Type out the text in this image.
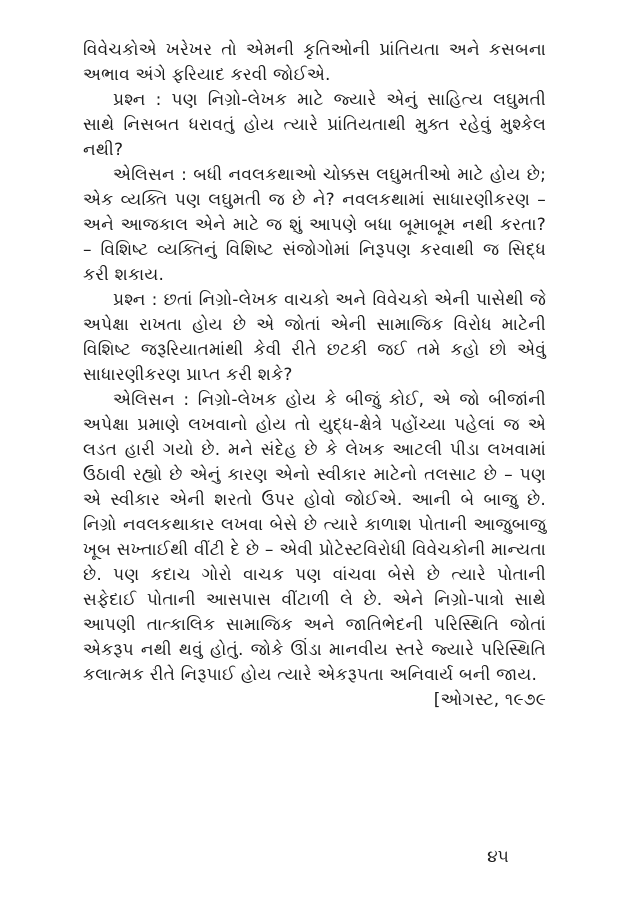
વિવેચકોએ ખરેખર તો એમની કૃતિઓની પ્રાંતિયતા અને કસબના અભાવ અંગે ફરિયાદ કરવી જોઈએ.

પ્રશ્ન : પણ નિગ્રો-લેખક માટે જ્યારે એનું સાહિત્ય લઘુમતી સાથે નિસબત ધરાવતું હોય ત્યારે પ્રાંતિયતાથી મુક્ત રહેવું મુશ્કેલ નથી?

એલિસન : બધી નવલકથાઓ ચોક્કસ લઘુમતીઓ માટે હોય છે; એક વ્યક્તિ પણ લઘુમતી જ છે ને? નવલકથામાં સાધારણીકરણ – અને આજકાલ એને માટે જ શું આપણે બધા બૂમાબૂમ નથી કરતા? – વિશિષ્ટ વ્યક્તિનું વિશિષ્ટ સંજોગોમાં નિરૂપણ કરવાથી જ સિદ્ધ કરી શકાય.

પ્રશ્ન : છતાં નિગ્રો-લેખક વાચકો અને વિવેચકો એની પાસેથી જે અપેક્ષા રાખતા હોય છે એ જોતાં એની સામાજિક વિરોધ માટેની વિશિષ્ટ જરૂરિયાતમાંથી કેવી રીતે છટકી જઈ તમે કહો છો એવું સાધારણીકરણ પ્રાપ્ત કરી શકે?

એલિસન : નિગ્રો-લેખક હોય કે બીજું કોઈ, એ જો બીજાંની અપેક્ષા પ્રમાણે લખવાનો હોય તો યુદ્ધ-ક્ષેત્રે પહોંચ્યા પહેલાં જ એ લડત હારી ગયો છે. મને સંદેહ છે કે લેખક આટલી પીડા લખવામાં ઉઠાવી રહ્યો છે એનું કારણ એનો સ્વીકાર માટેનો તલસાટ છે – પણ એ સ્વીકાર એની શરતો ઉપર હોવો જોઈએ. આની બે બાજુ છે. નિગ્રો નવલકથાકાર લખવા બેસે છે ત્યારે કાળાશ પોતાની આજુબાજુ ખૂબ સખ્તાઈથી વીંટી દે છે – એવી પ્રોટેસ્ટવિરોધી વિવેચકોની માન્યતા છે. પણ કદાચ ગોરો વાચક પણ વાંચવા બેસે છે ત્યારે પોતાની સફેદાઈ પોતાની આસપાસ વીંટાળી લે છે. એને નિગ્રો-પાત્રો સાથે આપણી તાત્કાલિક સામાજિક અને જાતિભેદની પરિસ્થિતિ જોતાં એકરૂપ નથી થવું હોતું. જોકે ઊંડા માનવીય સ્તરે જ્યારે પરિસ્થિતિ કલાત્મક રીતે નિરૂપાઈ હોય ત્યારે એકરૂપતા અનિવાર્ય બની જાય.

[ઓગસ્ટ, ૧૯૭૯

૪૫
